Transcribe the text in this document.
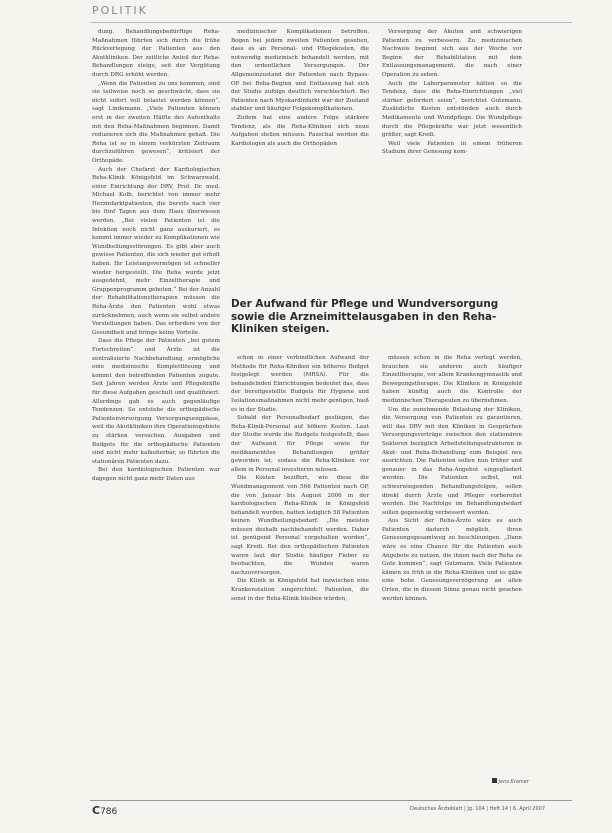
POLITIK

dung. Behandlungsbedürftige Reha-Maßnahmen führten sich durch die frühe Rückverlegung der Patienten aus den Akutkliniken. Der zeitliche Anteil der Reha-Behandlungen steige, seit der Vergütung durch DRG erhöht werden.

„Wenn die Patienten zu uns kommen, sind sie teilweise noch so geschwächt, dass sie nicht sofort voll belastet werden können“, sagt Lindemann. „Viele Patienten können erst in der zweiten Hälfte des Aufenthalts mit den Reha-Maßnahmen beginnen. Damit reduzieren sich die Maßnahmen gehalt. Die Reha ist so in einem verkürzten Zeitraum durchzuführen gewesen“, kritisiert der Orthopäde.

Auch der Chefarzt der Kardiologischen Reha-Klinik Königsfeld im Schwarzwald, einer Einrichtung der DRV, Prof. Dr. med. Michael Kolb, berichtet von immer mehr Herzinfarktpatienten, die bereits nach vier bis fünf Tagen aus dem Haus überwiesen werden. „Bei vielen Patienten ist die Infektion noch nicht ganz auskuriert, es kommt immer wieder zu Komplikationen wie Wundheilungsstörungen. Es gibt aber auch gewisse Patienten, die sich wieder gut erholt haben. Ihr Leistungsvermögen ist schneller wieder hergestellt. Die Reha wurde jetzt ausgedehnt, mehr Einzeltherapie und Gruppenprogramm geboten.“ Bei der Anzahl der Rehabilitationstherapien müssen die Reha-Ärzte den Patienten wohl etwas zurücknehmen, auch wenn sie selbst andere Vorstellungen haben. Das erfordere von der Gesundheit und bringe keine Vorteile.

Dass die Pflege der Patienten „bei gutem Fortschreiten“ und Ärzte ist die zentralisierte Nachbehandlung, ermögliche eine medizinische Komplettlösung und kommt den betreffenden Patienten zugute. Seit Jahren werden Ärzte und Pflegekräfte für diese Aufgaben geschult und qualifiziert. Allerdings gab es auch gegenläufige Tendenzen. So entstehe die orthopädische Patientenversorgung Versorgungsengpässe, weil die Akutkliniken ihre Operationsgebiete zu stärken versuchen. Ausgaben und Budgets für die orthopädische Patienten sind nicht mehr kalkulierbar, so führten die stationären Patienten dazu.

Bei den kardiologischen Patienten war dagegen nicht ganz mehr Daten aus

medizinischer Komplikationen betroffen. Bogen bei jedem zweiten Patienten gesehen, dass es an Personal- und Pflegekosten, die notwendig medizinisch behandelt werden, mit den ordentlichen Versorgungen. Der Allgemeinzustand der Patienten nach Bypass-OP bei Reha-Beginn und Entlassung hat sich der Studie zufolge deutlich verschlechtert. Bei Patienten nach Myokardinfarkt war der Zustand stabiler und häufiger Folgekomplikationen.

Zudem hat eine andere Folge stärkere Tendenz, als die Reha-Kliniken sich neue Aufgaben stellen müssen. Pauschal werden die Kardiologen als auch die Orthopäden

Versorgung der Akuten und schwierigen Patienten zu verbessern. Zu medizinischen Nachweis beginnt sich aus der Woche vor Beginn der Rehabilitation mit dem Entlassungsmanagement, die nach einer Operation zu sehen.

Auch die Laborparameter hätten so die Tendenz, dass die Reha-Einrichtungen „viel stärker gefordert seien“, berichtet Gutzmann. Zusätzliche Kosten entstünden auch durch Medikamente und Wundpflege. Die Wundpflege durch die Pflegekräfte war jetzt wesentlich größer, sagt Kredi.

Weil viele Patienten in einem früheren Stadium ihrer Genesung kom-

Der Aufwand für Pflege und Wundversorgung sowie die Arzneimittelausgaben in den Reha-Kliniken steigen.

schon in einer verbindlichen Aufwand der Methode für Reha-Kliniken ein höheres Budget festgelegt werden (MRSA). Für die behandelnden Einrichtungen bedeutet das, dass der bereitgestellte Budgets für Hygiene und Isolationsmaßnahmen nicht mehr genügen, hieß es in der Studie.

Sobald der Personalbedarf gestiegen, das Reha-Klinik-Personal auf höhere Kosten. Laut der Studie wurde die Budgets festgestellt, dass der Aufwand für Pflege sowie für medikamentöse Behandlungen größer geworden ist, sodass die Reha-Kliniken vor allem in Personal investieren müssen.

Die Kosten beziffert, wie diese die Wundmanagement von 566 Patienten nach OP, die von Januar bis August 2006 in der kardiologischen Reha-Klinik in Königsfeld behandelt wurden, hatten lediglich 58 Patienten keinen Wundheilungsbedarf. „Die meisten müssen deshalb nachbehandelt werden. Daher ist genügend Personal vorgehalten worden“, sagt Kredi. Bei den orthopädischen Patienten waren laut der Studie häufiger Fieber zu beobachten, die Wunden waren nachzuversorgen.

Die Klinik in Königsfeld hat inzwischen eine Krankenstation eingerichtet. Patienten, die sonst in der Reha-Klinik bleiben würden,

müssen schon in die Reha verlegt werden, brauchen sie anderen auch häufiger Einzeltherapie, vor allem Krankengymnastik und Bewegungstherapie. Die Kliniken in Königsfeld haben künftig auch die Kontrolle der medizinischen Therapeuten zu übernehmen.

Um die zunehmende Belastung der Kliniken, die Versorgung von Patienten zu garantieren, will das DRV mit den Kliniken in Gesprächen Versorgungsverträge zwischen den stationären Sektoren bezüglich Arbeitsteilungsstrukturen in Akut- und Reha-Behandlung zum Beispiel neu ausrichten. Die Patienten sollen nun früher und genauer in das Reha-Angebot eingegliedert werden. Die Patienten selbst, mit schwerwiegenden Behandlungsfolgen, sollen direkt durch Ärzte und Pfleger vorbereitet werden. Die Nachfolge im Behandlungsbedarf sollen gegenseitig verbessert werden.

Aus Sicht der Reha-Ärzte wäre es auch Patienten dadurch möglich, ihren Genesungsgesamtweg zu beschleunigen. „Dann wäre es eine Chance für die Patienten auch Angebote zu nutzen, die ihnen nach der Reha zu Gute kommen“, sagt Gutzmann. Viele Patienten kämen zu früh in die Reha-Kliniken und es gäbe eine hohe Genesungsverzögerung an allen Orten, die in diesem Sinne genau nicht gesehen werden können.

Jens Kramer
C786	Deutsches Ärzteblatt | Jg. 104 | Heft 14 | 6. April 2007
